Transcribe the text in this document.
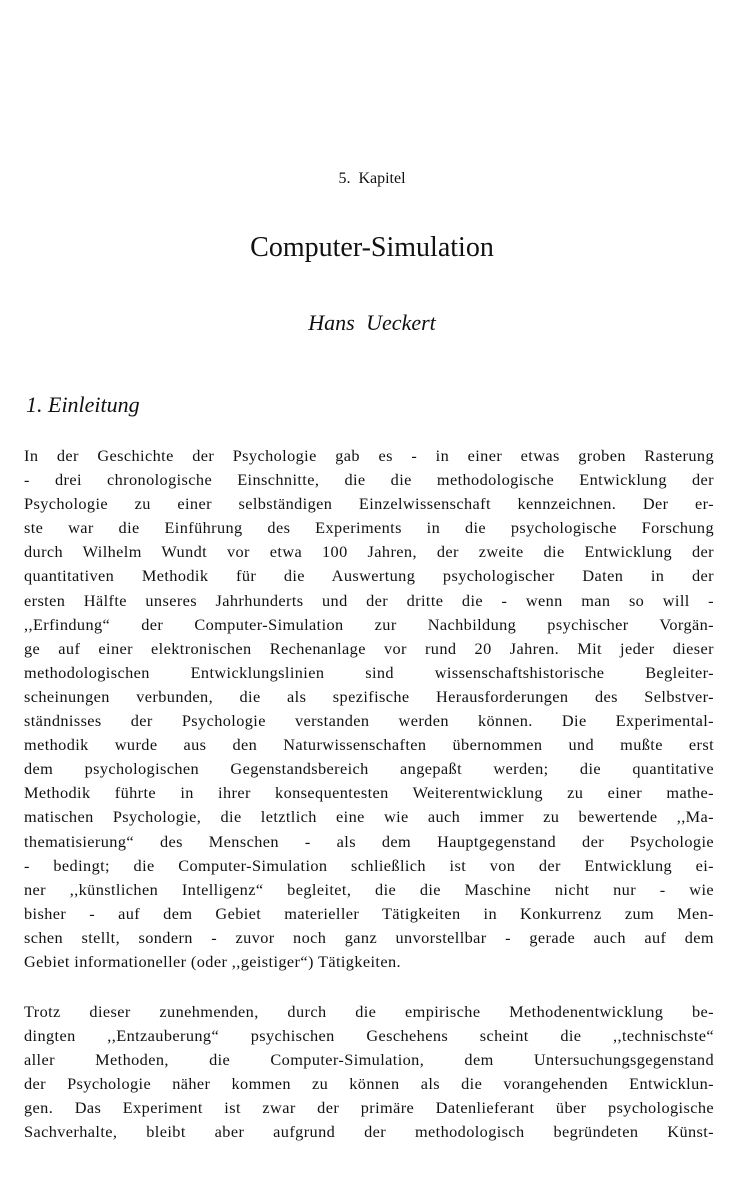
5. Kapitel

Computer-Simulation

Hans Ueckert

1. Einleitung
In der Geschichte der Psychologie gab es - in einer etwas groben Rasterung
- drei chronologische Einschnitte, die die methodologische Entwicklung der
Psychologie zu einer selbständigen Einzelwissenschaft kennzeichnen. Der er-
ste war die Einführung des Experiments in die psychologische Forschung
durch Wilhelm Wundt vor etwa 100 Jahren, der zweite die Entwicklung der
quantitativen Methodik für die Auswertung psychologischer Daten in der
ersten Hälfte unseres Jahrhunderts und der dritte die - wenn man so will -
,,Erfindung“ der Computer-Simulation zur Nachbildung psychischer Vorgän-
ge auf einer elektronischen Rechenanlage vor rund 20 Jahren. Mit jeder dieser
methodologischen Entwicklungslinien sind wissenschaftshistorische Begleiter-
scheinungen verbunden, die als spezifische Herausforderungen des Selbstver-
ständnisses der Psychologie verstanden werden können. Die Experimental-
methodik wurde aus den Naturwissenschaften übernommen und mußte erst
dem psychologischen Gegenstandsbereich angepaßt werden; die quantitative
Methodik führte in ihrer konsequentesten Weiterentwicklung zu einer mathe-
matischen Psychologie, die letztlich eine wie auch immer zu bewertende ,,Ma-
thematisierung“ des Menschen - als dem Hauptgegenstand der Psychologie
- bedingt; die Computer-Simulation schließlich ist von der Entwicklung ei-
ner ,,künstlichen Intelligenz“ begleitet, die die Maschine nicht nur - wie
bisher - auf dem Gebiet materieller Tätigkeiten in Konkurrenz zum Men-
schen stellt, sondern - zuvor noch ganz unvorstellbar - gerade auch auf dem
Gebiet informationeller (oder ,,geistiger“) Tätigkeiten.
Trotz dieser zunehmenden, durch die empirische Methodenentwicklung be-
dingten ,,Entzauberung“ psychischen Geschehens scheint die ,,technischste“
aller Methoden, die Computer-Simulation, dem Untersuchungsgegenstand
der Psychologie näher kommen zu können als die vorangehenden Entwicklun-
gen. Das Experiment ist zwar der primäre Datenlieferant über psychologische
Sachverhalte, bleibt aber aufgrund der methodologisch begründeten Künst-
